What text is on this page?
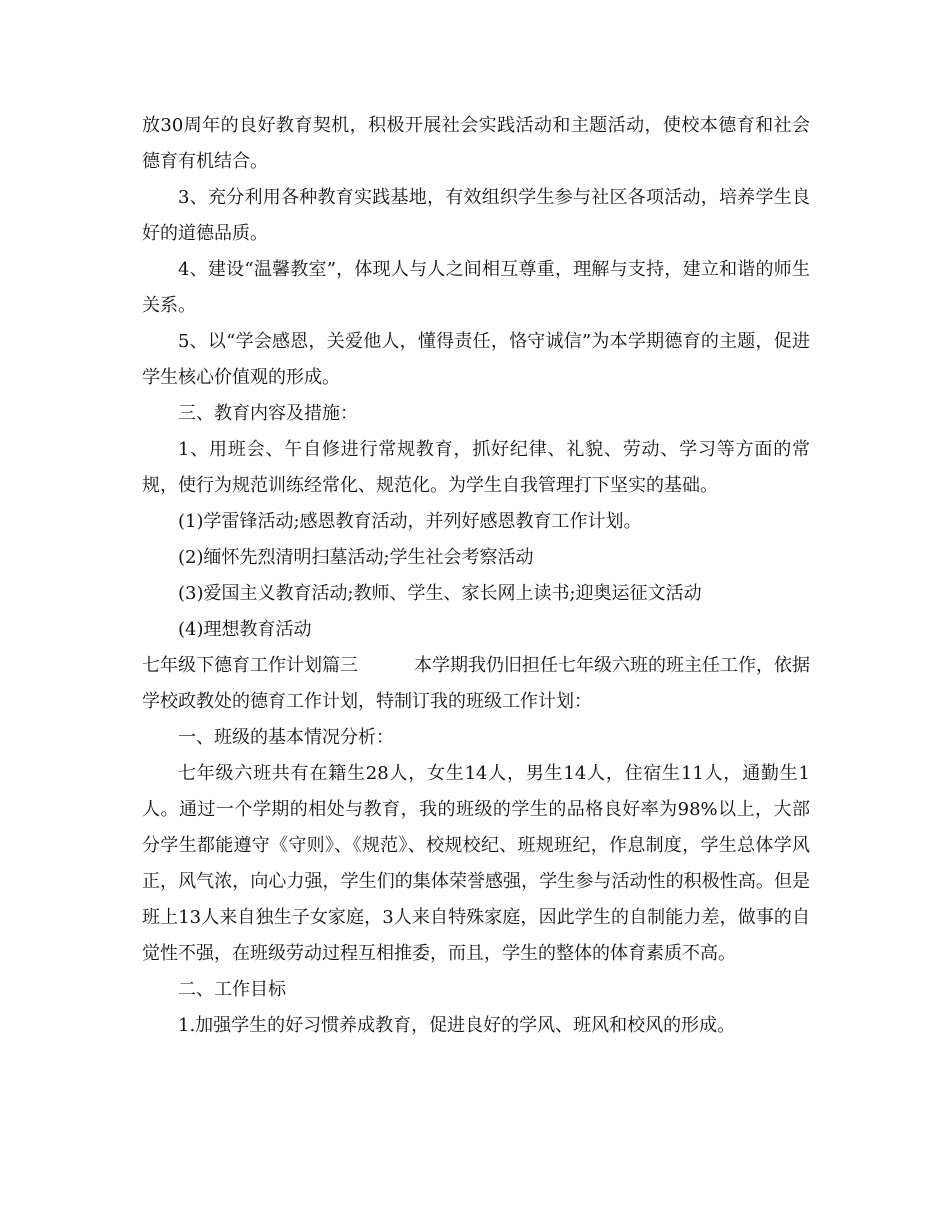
放30周年的良好教育契机，积极开展社会实践活动和主题活动，使校本德育和社会德育有机结合。

3、充分利用各种教育实践基地，有效组织学生参与社区各项活动，培养学生良好的道德品质。

4、建设“温馨教室”，体现人与人之间相互尊重，理解与支持，建立和谐的师生关系。

5、以“学会感恩，关爱他人，懂得责任，恪守诚信”为本学期德育的主题，促进学生核心价值观的形成。

三、教育内容及措施：

1、用班会、午自修进行常规教育，抓好纪律、礼貌、劳动、学习等方面的常规，使行为规范训练经常化、规范化。为学生自我管理打下坚实的基础。

(1)学雷锋活动;感恩教育活动，并列好感恩教育工作计划。

(2)缅怀先烈清明扫墓活动;学生社会考察活动

(3)爱国主义教育活动;教师、学生、家长网上读书;迎奥运征文活动

(4)理想教育活动

七年级下德育工作计划篇三	本学期我仍旧担任七年级六班的班主任工作，依据学校政教处的德育工作计划，特制订我的班级工作计划：

一、班级的基本情况分析：

七年级六班共有在籍生28人，女生14人，男生14人，住宿生11人，通勤生1人。通过一个学期的相处与教育，我的班级的学生的品格良好率为98%以上，大部分学生都能遵守《守则》、《规范》、校规校纪、班规班纪，作息制度，学生总体学风正，风气浓，向心力强，学生们的集体荣誉感强，学生参与活动性的积极性高。但是班上13人来自独生子女家庭，3人来自特殊家庭，因此学生的自制能力差，做事的自觉性不强，在班级劳动过程互相推委，而且，学生的整体的体育素质不高。

二、工作目标

1.加强学生的好习惯养成教育，促进良好的学风、班风和校风的形成。
